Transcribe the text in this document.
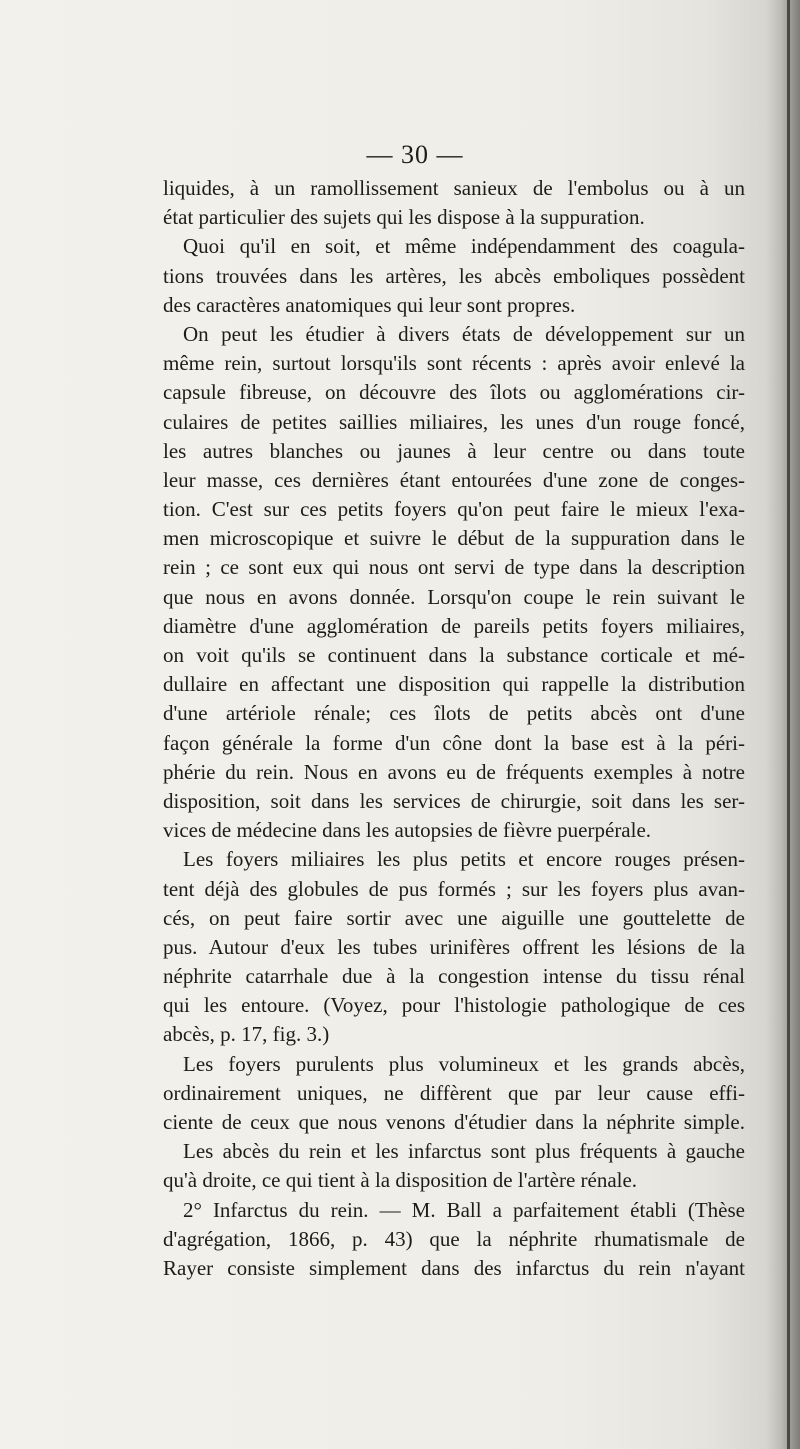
— 30 —
liquides, à un ramollissement sanieux de l'embolus ou à un
état particulier des sujets qui les dispose à la suppuration.
Quoi qu'il en soit, et même indépendamment des coagula-
tions trouvées dans les artères, les abcès emboliques possèdent
des caractères anatomiques qui leur sont propres.
On peut les étudier à divers états de développement sur un
même rein, surtout lorsqu'ils sont récents : après avoir enlevé la
capsule fibreuse, on découvre des îlots ou agglomérations cir-
culaires de petites saillies miliaires, les unes d'un rouge foncé,
les autres blanches ou jaunes à leur centre ou dans toute
leur masse, ces dernières étant entourées d'une zone de conges-
tion. C'est sur ces petits foyers qu'on peut faire le mieux l'exa-
men microscopique et suivre le début de la suppuration dans le
rein ; ce sont eux qui nous ont servi de type dans la description
que nous en avons donnée. Lorsqu'on coupe le rein suivant le
diamètre d'une agglomération de pareils petits foyers miliaires,
on voit qu'ils se continuent dans la substance corticale et mé-
dullaire en affectant une disposition qui rappelle la distribution
d'une artériole rénale; ces îlots de petits abcès ont d'une
façon générale la forme d'un cône dont la base est à la péri-
phérie du rein. Nous en avons eu de fréquents exemples à notre
disposition, soit dans les services de chirurgie, soit dans les ser-
vices de médecine dans les autopsies de fièvre puerpérale.
Les foyers miliaires les plus petits et encore rouges présen-
tent déjà des globules de pus formés ; sur les foyers plus avan-
cés, on peut faire sortir avec une aiguille une gouttelette de
pus. Autour d'eux les tubes urinifères offrent les lésions de la
néphrite catarrhale due à la congestion intense du tissu rénal
qui les entoure. (Voyez, pour l'histologie pathologique de ces
abcès, p. 17, fig. 3.)
Les foyers purulents plus volumineux et les grands abcès,
ordinairement uniques, ne diffèrent que par leur cause effi-
ciente de ceux que nous venons d'étudier dans la néphrite simple.
Les abcès du rein et les infarctus sont plus fréquents à gauche
qu'à droite, ce qui tient à la disposition de l'artère rénale.
2° Infarctus du rein. — M. Ball a parfaitement établi (Thèse
d'agrégation, 1866, p. 43) que la néphrite rhumatismale de
Rayer consiste simplement dans des infarctus du rein n'ayant
